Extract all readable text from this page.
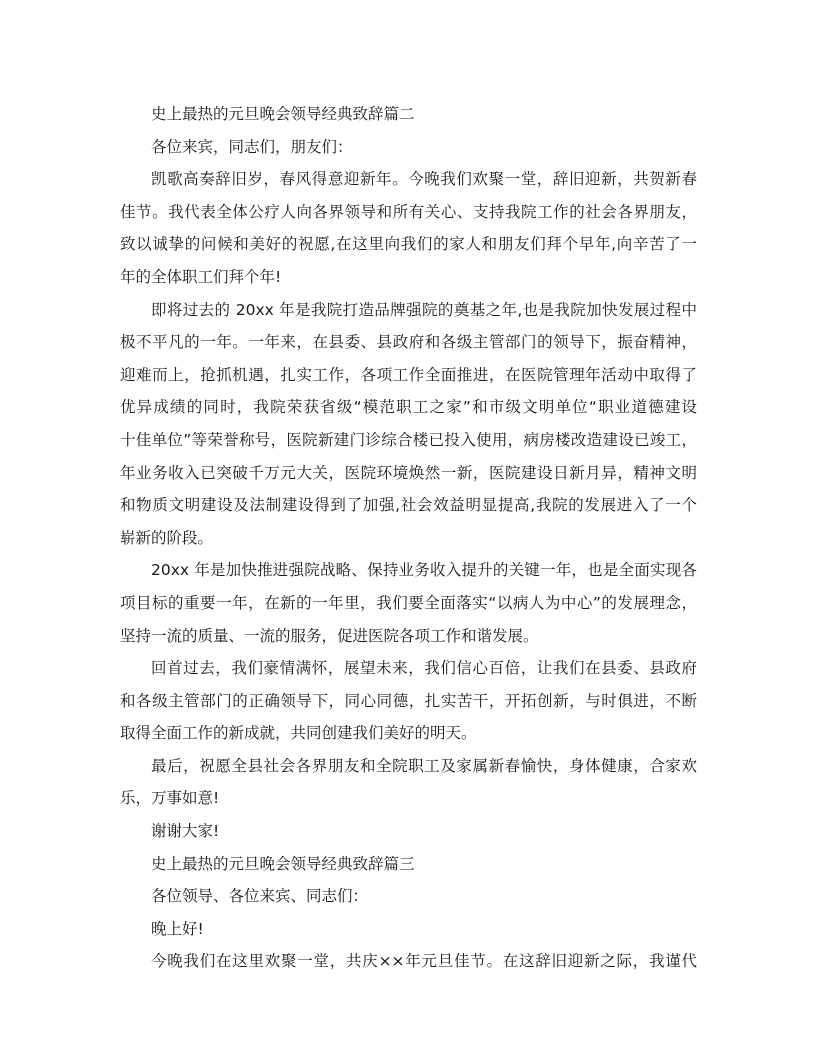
史上最热的元旦晚会领导经典致辞篇二
各位来宾，同志们，朋友们：
凯歌高奏辞旧岁，春风得意迎新年。今晚我们欢聚一堂，辞旧迎新，共贺新春
佳节。我代表全体公疗人向各界领导和所有关心、支持我院工作的社会各界朋友，
致以诚挚的问候和美好的祝愿,在这里向我们的家人和朋友们拜个早年,向辛苦了一
年的全体职工们拜个年!
即将过去的 20xx 年是我院打造品牌强院的奠基之年,也是我院加快发展过程中
极不平凡的一年。一年来，在县委、县政府和各级主管部门的领导下，振奋精神，
迎难而上，抢抓机遇，扎实工作，各项工作全面推进，在医院管理年活动中取得了
优异成绩的同时，我院荣获省级“模范职工之家”和市级文明单位“职业道德建设
十佳单位”等荣誉称号，医院新建门诊综合楼已投入使用，病房楼改造建设已竣工，
年业务收入已突破千万元大关，医院环境焕然一新，医院建设日新月异，精神文明
和物质文明建设及法制建设得到了加强,社会效益明显提高,我院的发展进入了一个
崭新的阶段。
20xx 年是加快推进强院战略、保持业务收入提升的关键一年，也是全面实现各
项目标的重要一年，在新的一年里，我们要全面落实“以病人为中心”的发展理念，
坚持一流的质量、一流的服务，促进医院各项工作和谐发展。
回首过去，我们豪情满怀，展望未来，我们信心百倍，让我们在县委、县政府
和各级主管部门的正确领导下，同心同德，扎实苦干，开拓创新，与时俱进，不断
取得全面工作的新成就，共同创建我们美好的明天。
最后，祝愿全县社会各界朋友和全院职工及家属新春愉快，身体健康，合家欢
乐，万事如意!
谢谢大家!
史上最热的元旦晚会领导经典致辞篇三
各位领导、各位来宾、同志们：
晚上好!
今晚我们在这里欢聚一堂，共庆××年元旦佳节。在这辞旧迎新之际，我谨代
